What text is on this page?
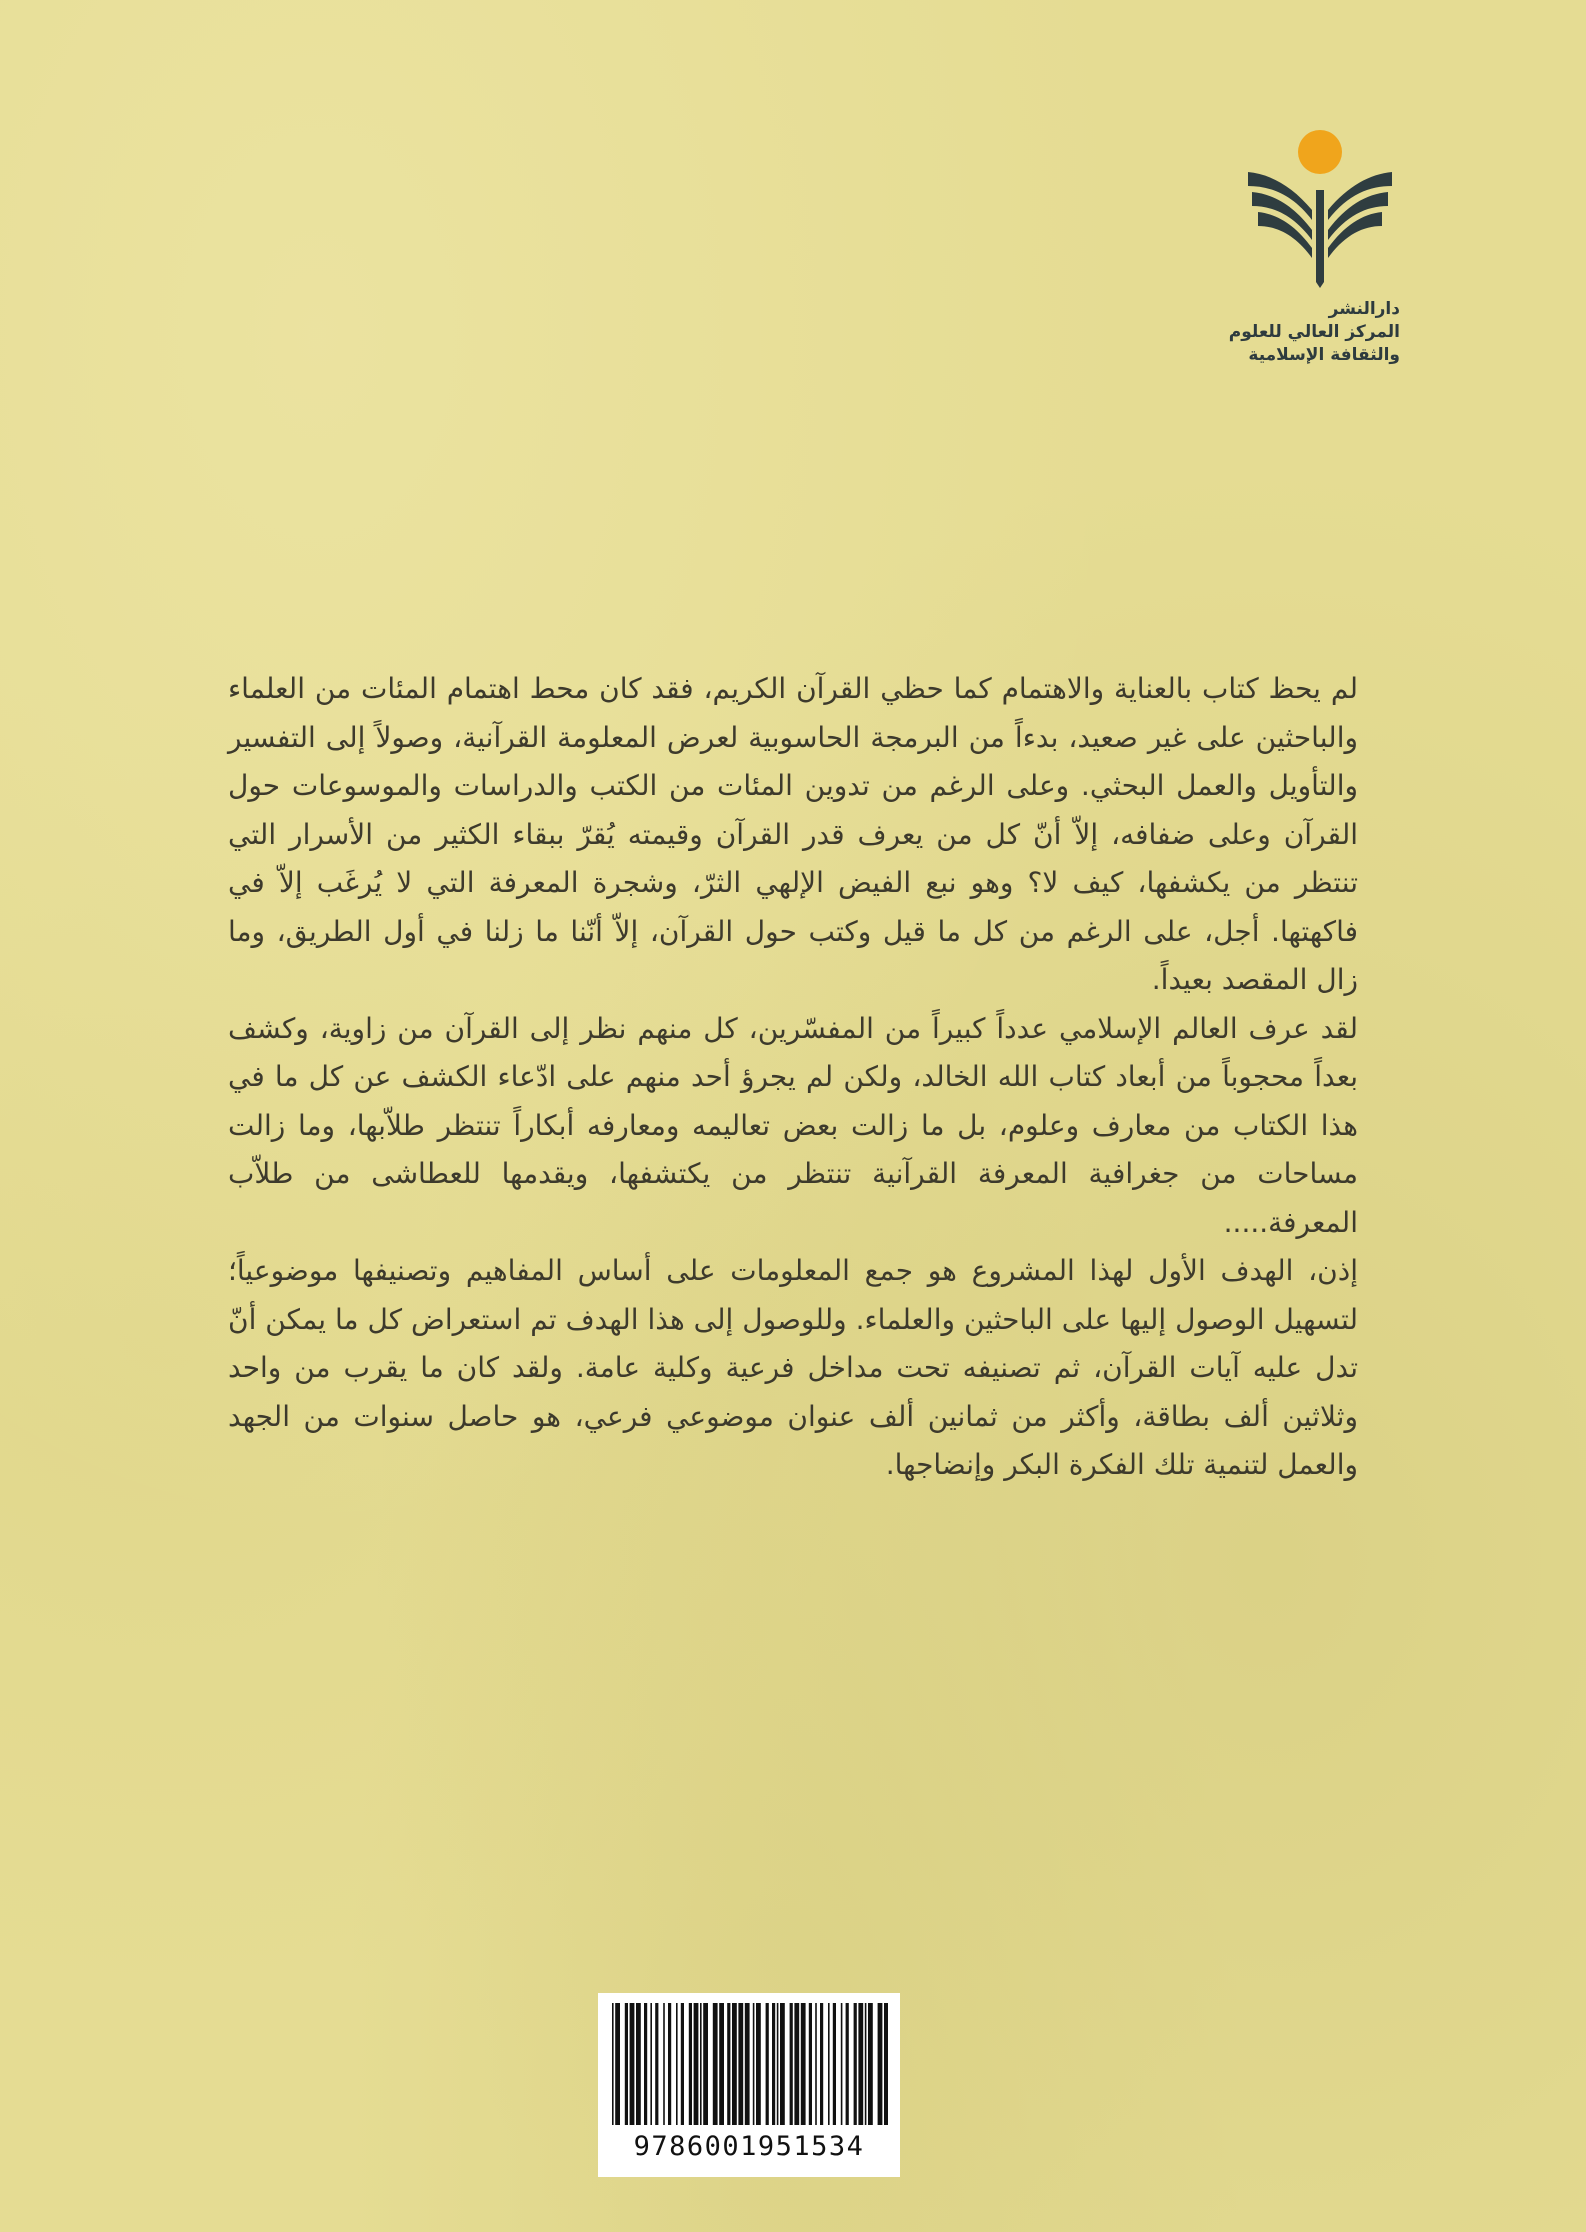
دارالنشر
المركز العالي للعلوم
والثقافة الإسلامية

لم يحظ كتاب بالعناية والاهتمام كما حظي القرآن الكريم، فقد كان محط اهتمام المئات من العلماء والباحثين على غير صعيد، بدءاً من البرمجة الحاسوبية لعرض المعلومة القرآنية، وصولاً إلى التفسير والتأويل والعمل البحثي. وعلى الرغم من تدوين المئات من الكتب والدراسات والموسوعات حول القرآن وعلى ضفافه، إلاّ أنّ كل من يعرف قدر القرآن وقيمته يُقرّ ببقاء الكثير من الأسرار التي تنتظر من يكشفها، كيف لا؟ وهو نبع الفيض الإلهي الثرّ، وشجرة المعرفة التي لا يُرغَب إلاّ في فاكهتها. أجل، على الرغم من كل ما قيل وكتب حول القرآن، إلاّ أنّنا ما زلنا في أول الطريق، وما زال المقصد بعيداً.

لقد عرف العالم الإسلامي عدداً كبيراً من المفسّرين، كل منهم نظر إلى القرآن من زاوية، وكشف بعداً محجوباً من أبعاد كتاب الله الخالد، ولكن لم يجرؤ أحد منهم على ادّعاء الكشف عن كل ما في هذا الكتاب من معارف وعلوم، بل ما زالت بعض تعاليمه ومعارفه أبكاراً تنتظر طلاّبها، وما زالت مساحات من جغرافية المعرفة القرآنية تنتظر من يكتشفها، ويقدمها للعطاشى من طلاّب المعرفة.....

إذن، الهدف الأول لهذا المشروع هو جمع المعلومات على أساس المفاهيم وتصنيفها موضوعياً؛ لتسهيل الوصول إليها على الباحثين والعلماء. وللوصول إلى هذا الهدف تم استعراض كل ما يمكن أنّ تدل عليه آيات القرآن، ثم تصنيفه تحت مداخل فرعية وكلية عامة. ولقد كان ما يقرب من واحد وثلاثين ألف بطاقة، وأكثر من ثمانين ألف عنوان موضوعي فرعي، هو حاصل سنوات من الجهد والعمل لتنمية تلك الفكرة البكر وإنضاجها.

9786001951534
